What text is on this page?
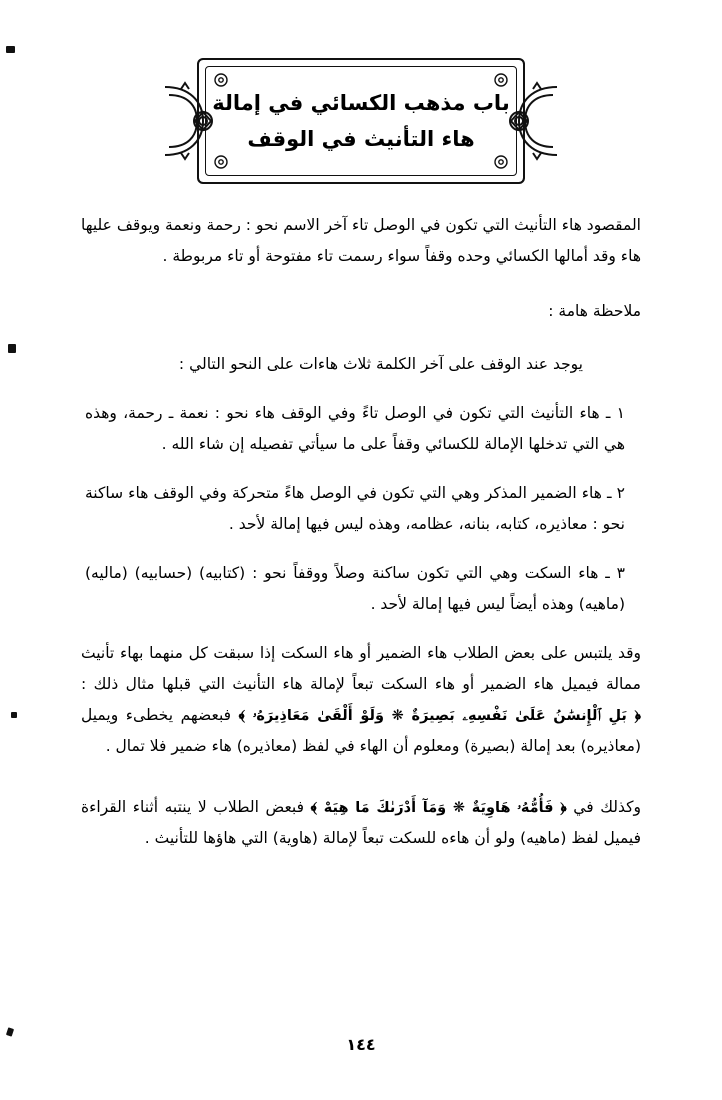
باب مذهب الكسائي في إمالة
هاء التأنيث في الوقف

المقصود هاء التأنيث التي تكون في الوصل تاء آخر الاسم نحو : رحمة ونعمة ويوقف عليها هاء وقد أمالها الكسائي وحده وقفاً سواء رسمت تاء مفتوحة أو تاء مربوطة .

ملاحظة هامة :

يوجد عند الوقف على آخر الكلمة ثلاث هاءات على النحو التالي :

١ ـ هاء التأنيث التي تكون في الوصل تاءً وفي الوقف هاء نحو : نعمة ـ رحمة، وهذه هي التي تدخلها الإمالة للكسائي وقفاً على ما سيأتي تفصيله إن شاء الله .

٢ ـ هاء الضمير المذكر وهي التي تكون في الوصل هاءً متحركة وفي الوقف هاء ساكنة نحو : معاذيره، كتابه، بنانه، عظامه، وهذه ليس فيها إمالة لأحد .

٣ ـ هاء السكت وهي التي تكون ساكنة وصلاً ووقفاً نحو : (كتابيه) (حسابيه) (ماليه) (ماهيه) وهذه أيضاً ليس فيها إمالة لأحد .

وقد يلتبس على بعض الطلاب هاء الضمير أو هاء السكت إذا سبقت كل منهما بهاء تأنيث ممالة فيميل هاء الضمير أو هاء السكت تبعاً لإمالة هاء التأنيث التي قبلها مثال ذلك : ﴿ بَلِ ٱلْإِنسَٰنُ عَلَىٰ نَفْسِهِۦ بَصِيرَةٌ ❋ وَلَوْ أَلْقَىٰ مَعَاذِيرَهُۥ ﴾ فبعضهم يخطىء ويميل (معاذيره) بعد إمالة (بصيرة) ومعلوم أن الهاء في لفظ (معاذيره) هاء ضمير فلا تمال .

وكذلك في ﴿ فَأُمُّهُۥ هَاوِيَةٌ ❋ وَمَآ أَدْرَىٰكَ مَا هِيَهْ ﴾ فبعض الطلاب لا ينتبه أثناء القراءة فيميل لفظ (ماهيه) ولو أن هاءه للسكت تبعاً لإمالة (هاوية) التي هاؤها للتأنيث .

١٤٤
